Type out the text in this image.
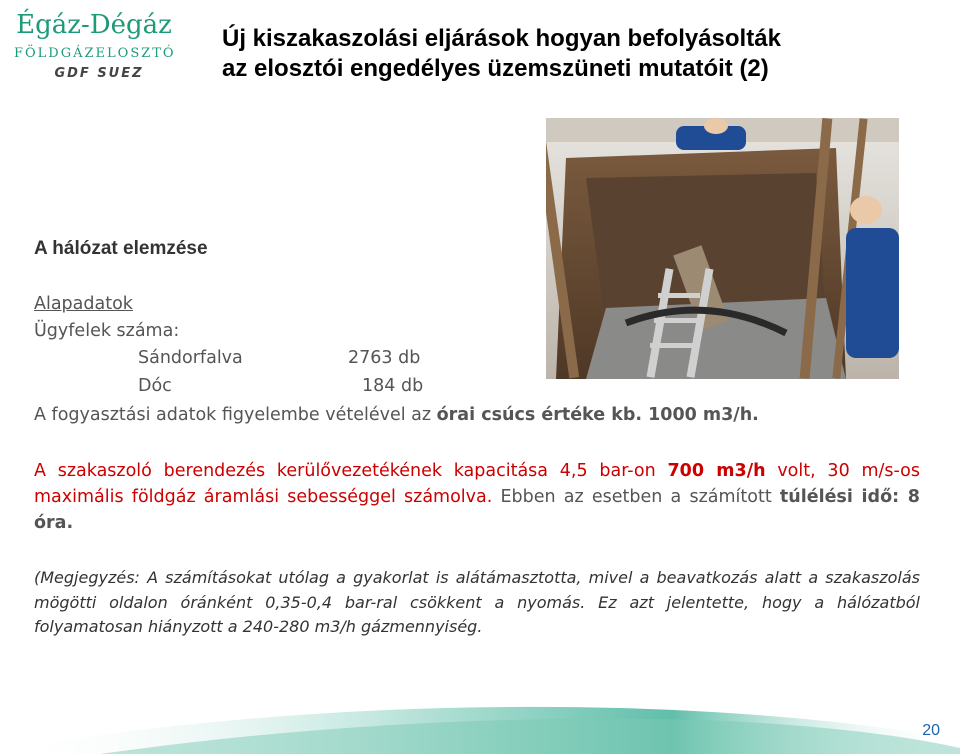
Égáz-Dégáz
FÖLDGÁZELOSZTÓ
GDF SUEZ
Új kiszakaszolási eljárások hogyan befolyásolták
az elosztói engedélyes üzemszüneti mutatóit (2)
A hálózat elemzése
Alapadatok
Ügyfelek száma:
Sándorfalva	2763 db
Dóc	184 db
A fogyasztási adatok figyelembe vételével az órai csúcs értéke kb. 1000 m3/h.
A szakaszoló berendezés kerülővezetékének kapacitása 4,5 bar-on 700 m3/h volt, 30 m/s-os maximális földgáz áramlási sebességgel számolva. Ebben az esetben a számított túlélési idő: 8 óra.
(Megjegyzés: A számításokat utólag a gyakorlat is alátámasztotta, mivel a beavatkozás alatt a szakaszolás mögötti oldalon óránként 0,35-0,4 bar-ral csökkent a nyomás. Ez azt jelentette, hogy a hálózatból folyamatosan hiányzott a 240-280 m3/h gázmennyiség.
20
